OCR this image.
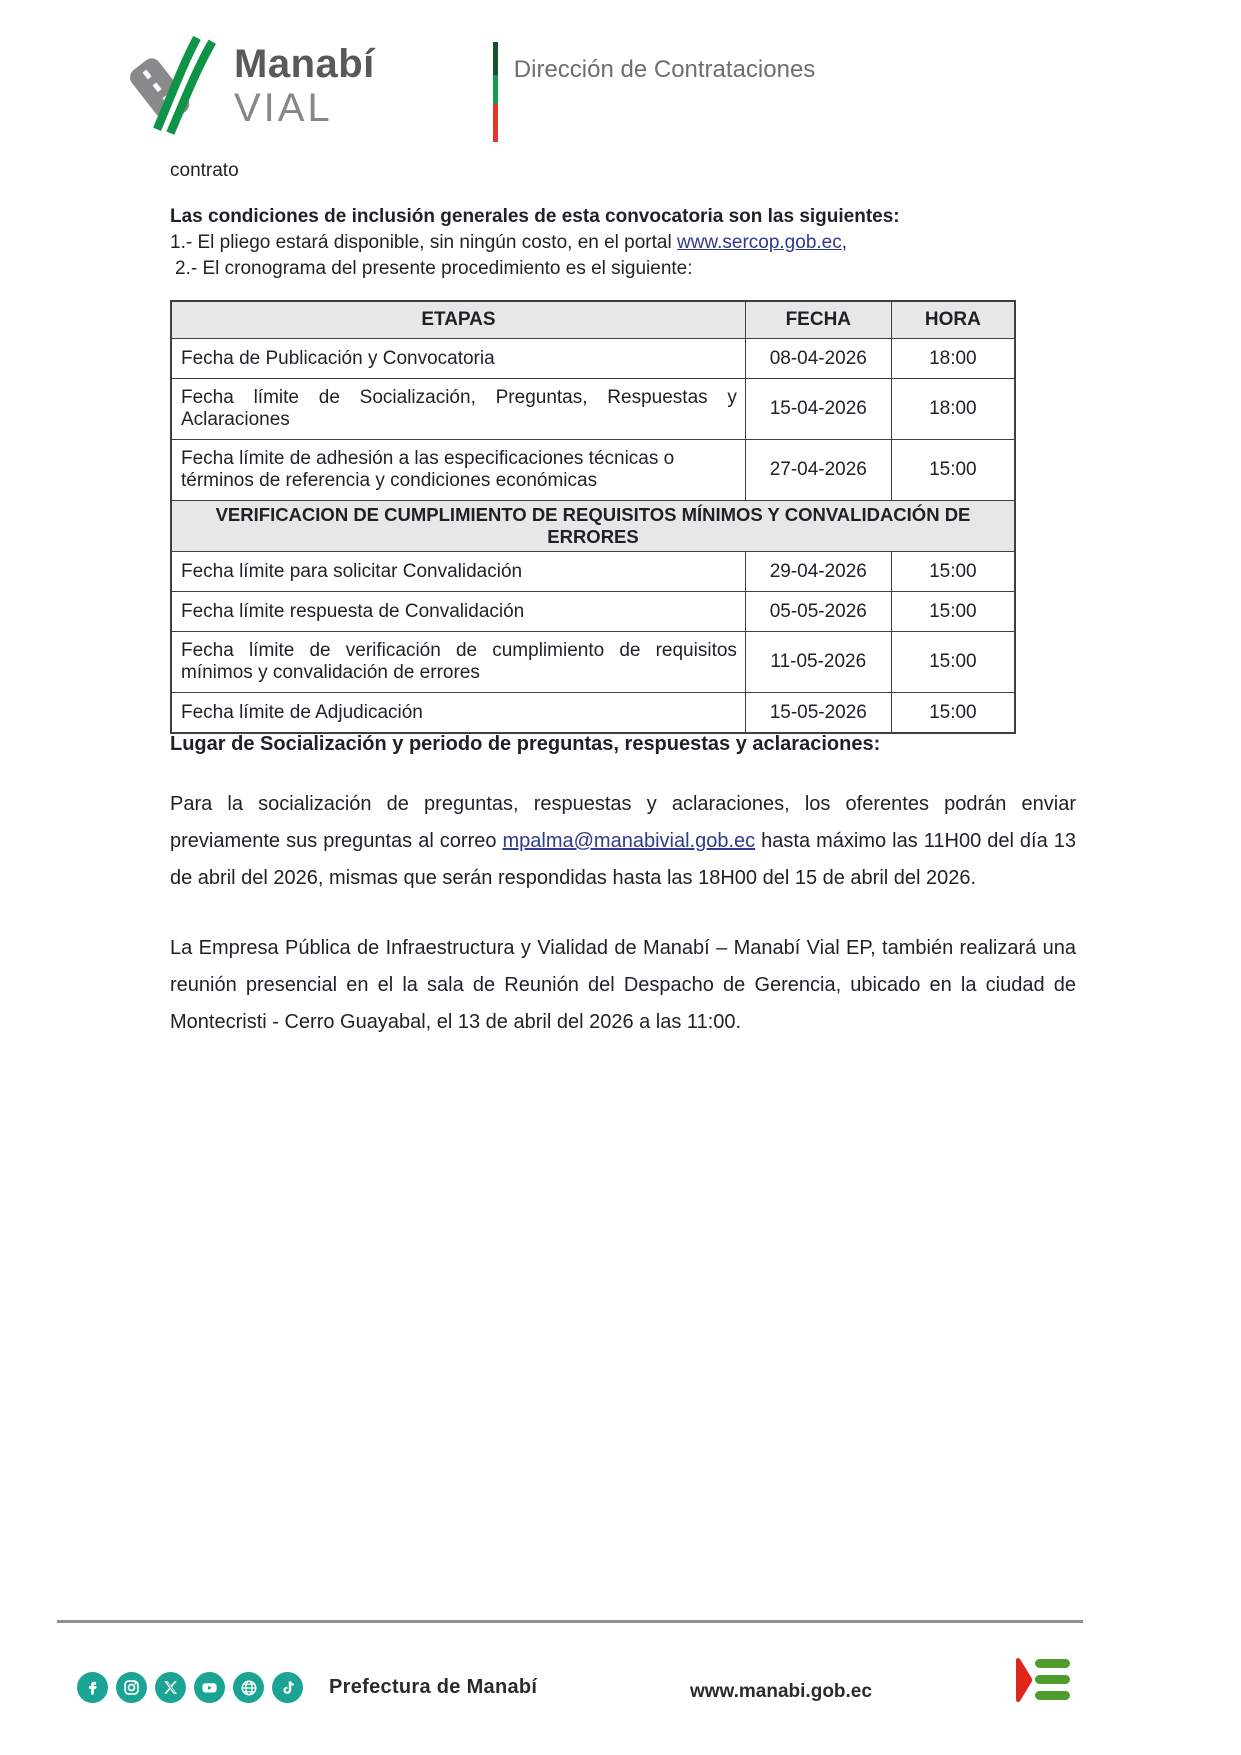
Manabí
VIAL
Dirección de Contrataciones
contrato
Las condiciones de inclusión generales de esta convocatoria son las siguientes:
1.- El pliego estará disponible, sin ningún costo, en el portal www.sercop.gob.ec,
2.- El cronograma del presente procedimiento es el siguiente:
ETAPAS	FECHA	HORA
Fecha de Publicación y Convocatoria	08-04-2026	18:00
Fecha límite de Socialización, Preguntas, Respuestas y Aclaraciones	15-04-2026	18:00
Fecha límite de adhesión a las especificaciones técnicas o términos de referencia y condiciones económicas	27-04-2026	15:00
VERIFICACION DE CUMPLIMIENTO DE REQUISITOS MÍNIMOS Y CONVALIDACIÓN DE ERRORES		
Fecha límite para solicitar Convalidación	29-04-2026	15:00
Fecha límite respuesta de Convalidación	05-05-2026	15:00
Fecha límite de verificación de cumplimiento de requisitos mínimos y convalidación de errores	11-05-2026	15:00
Fecha límite de Adjudicación	15-05-2026	15:00
Lugar de Socialización y periodo de preguntas, respuestas y aclaraciones:
Para la socialización de preguntas, respuestas y aclaraciones, los oferentes podrán enviar previamente sus preguntas al correo mpalma@manabivial.gob.ec hasta máximo las 11H00 del día 13 de abril del 2026, mismas que serán respondidas hasta las 18H00 del 15 de abril del 2026.
La Empresa Pública de Infraestructura y Vialidad de Manabí – Manabí Vial EP, también realizará una reunión presencial en el la sala de Reunión del Despacho de Gerencia, ubicado en la ciudad de Montecristi - Cerro Guayabal, el 13 de abril del 2026 a las 11:00.
Prefectura de Manabí	www.manabi.gob.ec
